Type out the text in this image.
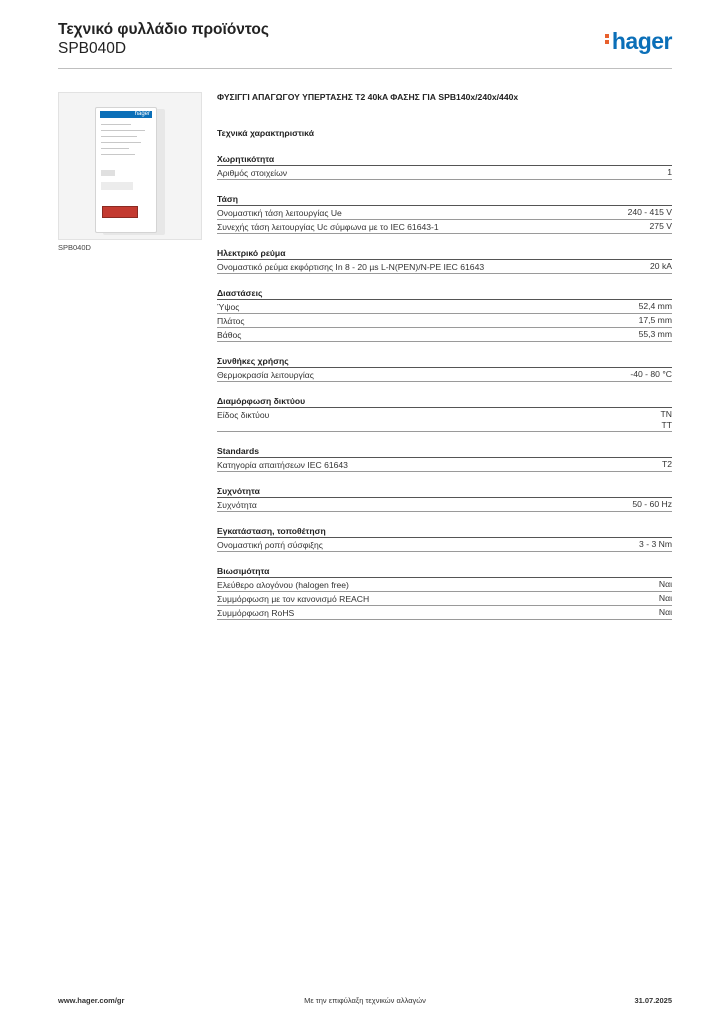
Τεχνικό φυλλάδιο προϊόντος
SPB040D	hager
hager
SPB040D
ΦΥΣΙΓΓΙ ΑΠΑΓΩΓΟΥ ΥΠΕΡΤΑΣΗΣ T2 40kA ΦΑΣΗΣ ΓΙΑ SPB140x/240x/440x
Τεχνικά χαρακτηριστικά
Χωρητικότητα
Αριθμός στοιχείων	1
Τάση
Ονομαστική τάση λειτουργίας Ue	240 - 415 V
Συνεχής τάση λειτουργίας Uc σύμφωνα με το IEC 61643-1	275 V
Ηλεκτρικό ρεύμα
Ονομαστικό ρεύμα εκφόρτισης In 8 - 20 µs L-N(PEN)/N-PE IEC 61643	20 kA
Διαστάσεις
Ύψος	52,4 mm
Πλάτος	17,5 mm
Βάθος	55,3 mm
Συνθήκες χρήσης
Θερμοκρασία λειτουργίας	-40 - 80 °C
Διαμόρφωση δικτύου
Είδος δικτύου	TN
TT
Standards
Κατηγορία απαιτήσεων IEC 61643	T2
Συχνότητα
Συχνότητα	50 - 60 Hz
Εγκατάσταση, τοποθέτηση
Ονομαστική ροπή σύσφιξης	3 - 3 Nm
Βιωσιμότητα
Ελεύθερο αλογόνου (halogen free)	Ναι
Συμμόρφωση με τον κανονισμό REACH	Ναι
Συμμόρφωση RoHS	Ναι
www.hager.com/gr	Με την επιφύλαξη τεχνικών αλλαγών	31.07.2025
